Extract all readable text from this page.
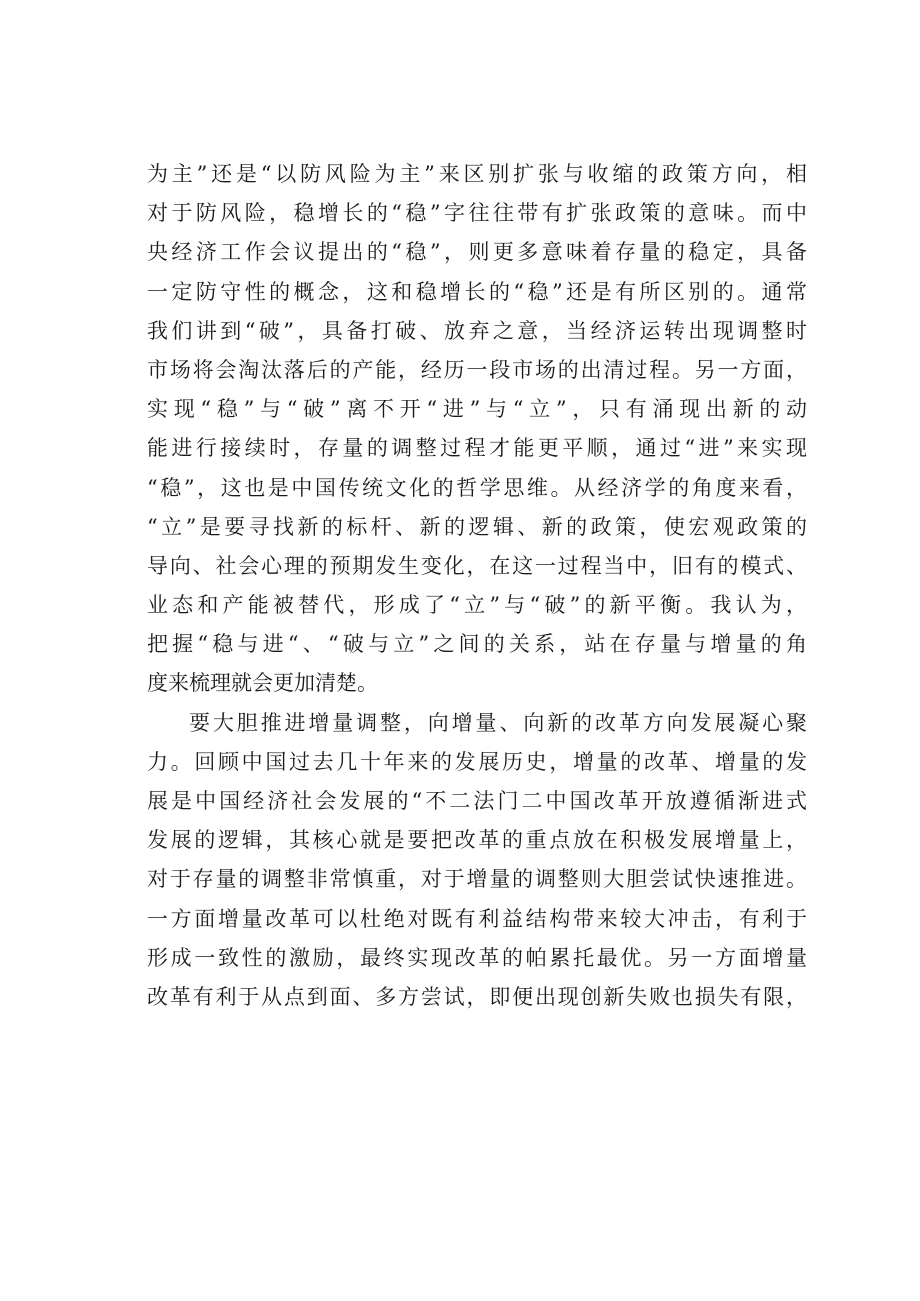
为主”还是“以防风险为主”来区别扩张与收缩的政策方向，相
对于防风险，稳增长的“稳”字往往带有扩张政策的意味。而中
央经济工作会议提出的“稳”，则更多意味着存量的稳定，具备
一定防守性的概念，这和稳增长的“稳”还是有所区别的。通常
我们讲到“破”，具备打破、放弃之意，当经济运转出现调整时
市场将会淘汰落后的产能，经历一段市场的出清过程。另一方面，
实现“稳”与“破”离不开“进”与“立”，只有涌现出新的动
能进行接续时，存量的调整过程才能更平顺，通过“进”来实现
“稳”，这也是中国传统文化的哲学思维。从经济学的角度来看，
“立”是要寻找新的标杆、新的逻辑、新的政策，使宏观政策的
导向、社会心理的预期发生变化，在这一过程当中，旧有的模式、
业态和产能被替代，形成了“立”与“破”的新平衡。我认为，
把握“稳与进“、“破与立”之间的关系，站在存量与增量的角
度来梳理就会更加清楚。
要大胆推进增量调整，向增量、向新的改革方向发展凝心聚
力。回顾中国过去几十年来的发展历史，增量的改革、增量的发
展是中国经济社会发展的“不二法门二中国改革开放遵循渐进式
发展的逻辑，其核心就是要把改革的重点放在积极发展增量上，
对于存量的调整非常慎重，对于增量的调整则大胆尝试快速推进。
一方面增量改革可以杜绝对既有利益结构带来较大冲击，有利于
形成一致性的激励，最终实现改革的帕累托最优。另一方面增量
改革有利于从点到面、多方尝试，即便出现创新失败也损失有限，
